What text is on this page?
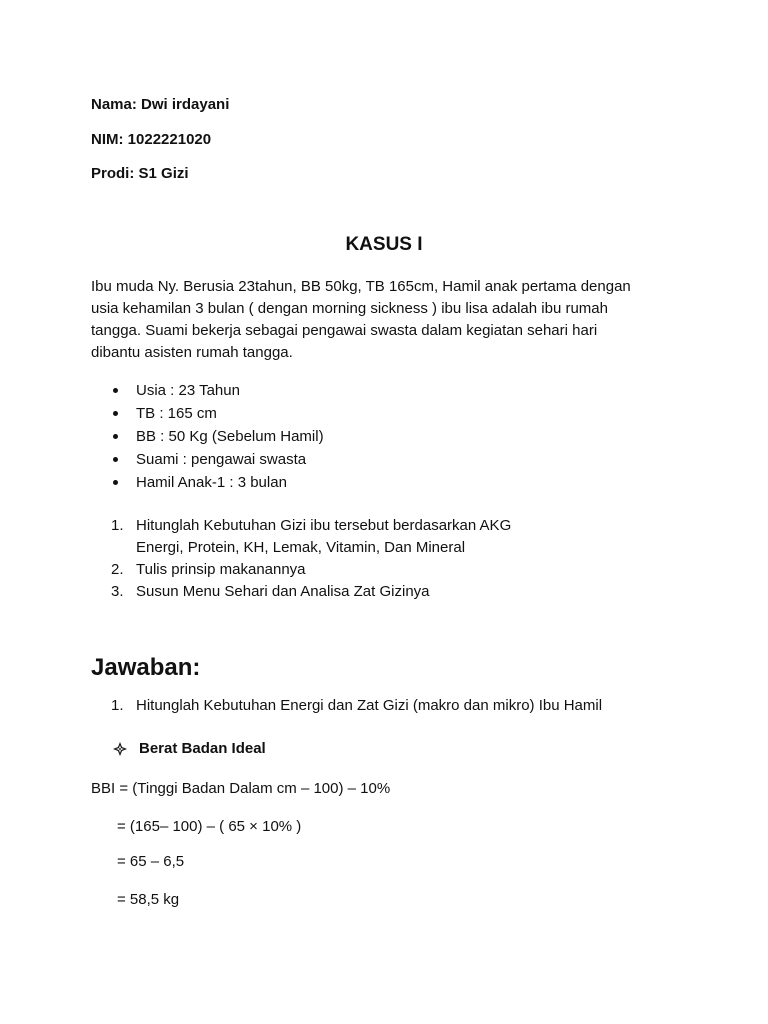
Nama: Dwi irdayani

NIM: 1022221020

Prodi: S1 Gizi

KASUS I
Ibu muda Ny. Berusia 23tahun, BB 50kg, TB 165cm, Hamil anak pertama dengan
usia kehamilan 3 bulan ( dengan morning sickness ) ibu lisa adalah ibu rumah
tangga. Suami bekerja sebagai pengawai swasta dalam kegiatan sehari hari
dibantu asisten rumah tangga.
Usia : 23 Tahun
TB : 165 cm
BB : 50 Kg (Sebelum Hamil)
Suami : pengawai swasta
Hamil Anak-1 : 3 bulan
1. Hitunglah Kebutuhan Gizi ibu tersebut berdasarkan AKG
Energi, Protein, KH, Lemak, Vitamin, Dan Mineral
2. Tulis prinsip makanannya
3. Susun Menu Sehari dan Analisa Zat Gizinya
Jawaban:

1. Hitunglah Kebutuhan Energi dan Zat Gizi (makro dan mikro) Ibu Hamil

Berat Badan Ideal

BBI = (Tinggi Badan Dalam cm – 100) – 10%

= (165– 100) – ( 65 × 10% )

= 65 – 6,5

= 58,5 kg
